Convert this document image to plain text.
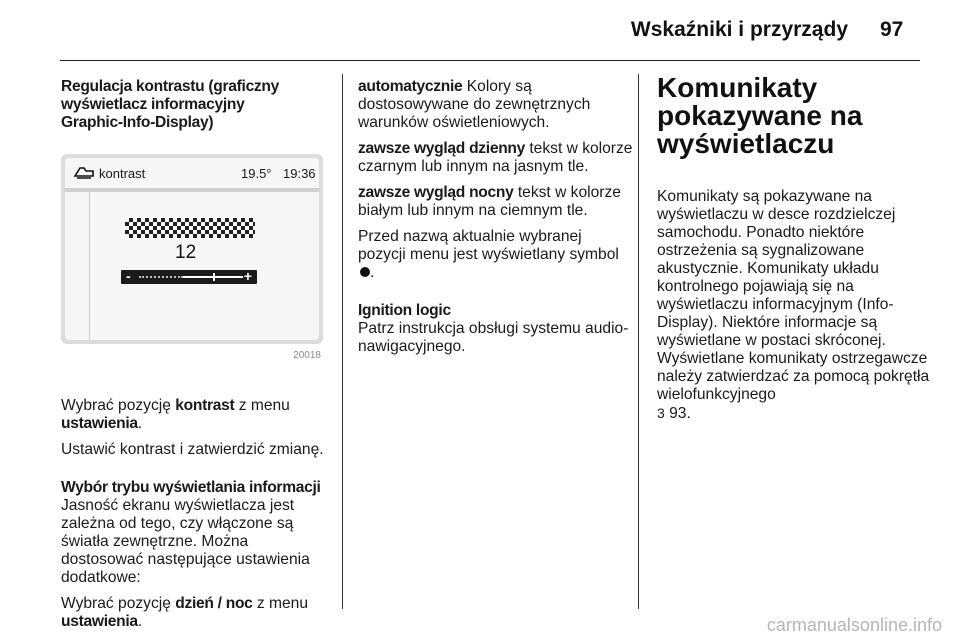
Wskaźniki i przyrządy 97
Regulacja kontrastu (graficzny
wyświetlacz informacyjny
Graphic-Info-Display)
kontrast	19.5° 19:36
12
-	+
20018

Wybrać pozycję kontrast z menu
ustawienia.

Ustawić kontrast i zatwierdzić zmianę.

Wybór trybu wyświetlania informacji

Jasność ekranu wyświetlacza jest zależna od tego, czy włączone są światła zewnętrzne. Można dostosować następujące ustawienia dodatkowe:

Wybrać pozycję dzień / noc z menu
ustawienia.

automatycznie Kolory są dostosowywane do zewnętrznych warunków oświetleniowych.

zawsze wygląd dzienny tekst w kolorze czarnym lub innym na jasnym tle.

zawsze wygląd nocny tekst w kolorze białym lub innym na ciemnym tle.

Przed nazwą aktualnie wybranej pozycji menu jest wyświetlany symbol .

Ignition logic

Patrz instrukcja obsługi systemu audio-nawigacyjnego.

Komunikaty
pokazywane na
wyświetlaczu

Komunikaty są pokazywane na wyświetlaczu w desce rozdzielczej samochodu. Ponadto niektóre ostrzeżenia są sygnalizowane akustycznie. Komunikaty układu kontrolnego pojawiają się na wyświetlaczu informacyjnym (Info-Display). Niektóre informacje są wyświetlane w postaci skróconej. Wyświetlane komunikaty ostrzegawcze należy zatwierdzać za pomocą pokrętła wielofunkcyjnego
3 93.

carmanualsonline.info
